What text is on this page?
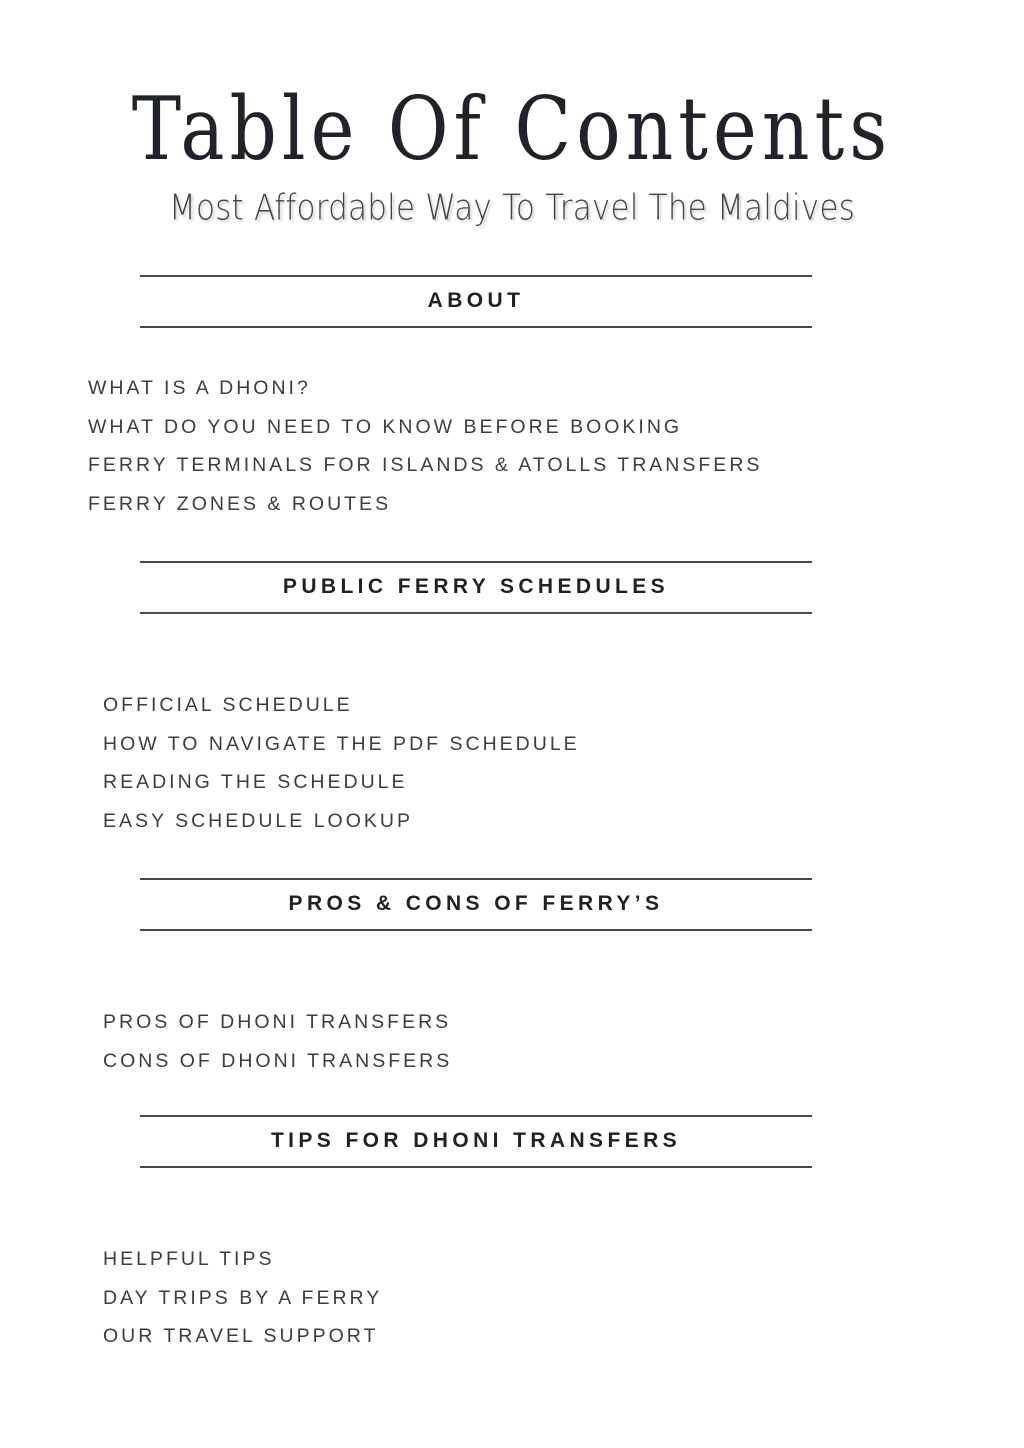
Table Of Contents

Most Affordable Way To Travel The Maldives

ABOUT
WHAT IS A DHONI?
WHAT DO YOU NEED TO KNOW BEFORE BOOKING
FERRY TERMINALS FOR ISLANDS & ATOLLS TRANSFERS
FERRY ZONES & ROUTES
PUBLIC FERRY SCHEDULES
OFFICIAL SCHEDULE
HOW TO NAVIGATE THE PDF SCHEDULE
READING THE SCHEDULE
EASY SCHEDULE LOOKUP
PROS & CONS OF FERRY’S
PROS OF DHONI TRANSFERS
CONS OF DHONI TRANSFERS
TIPS FOR DHONI TRANSFERS
HELPFUL TIPS
DAY TRIPS BY A FERRY
OUR TRAVEL SUPPORT
